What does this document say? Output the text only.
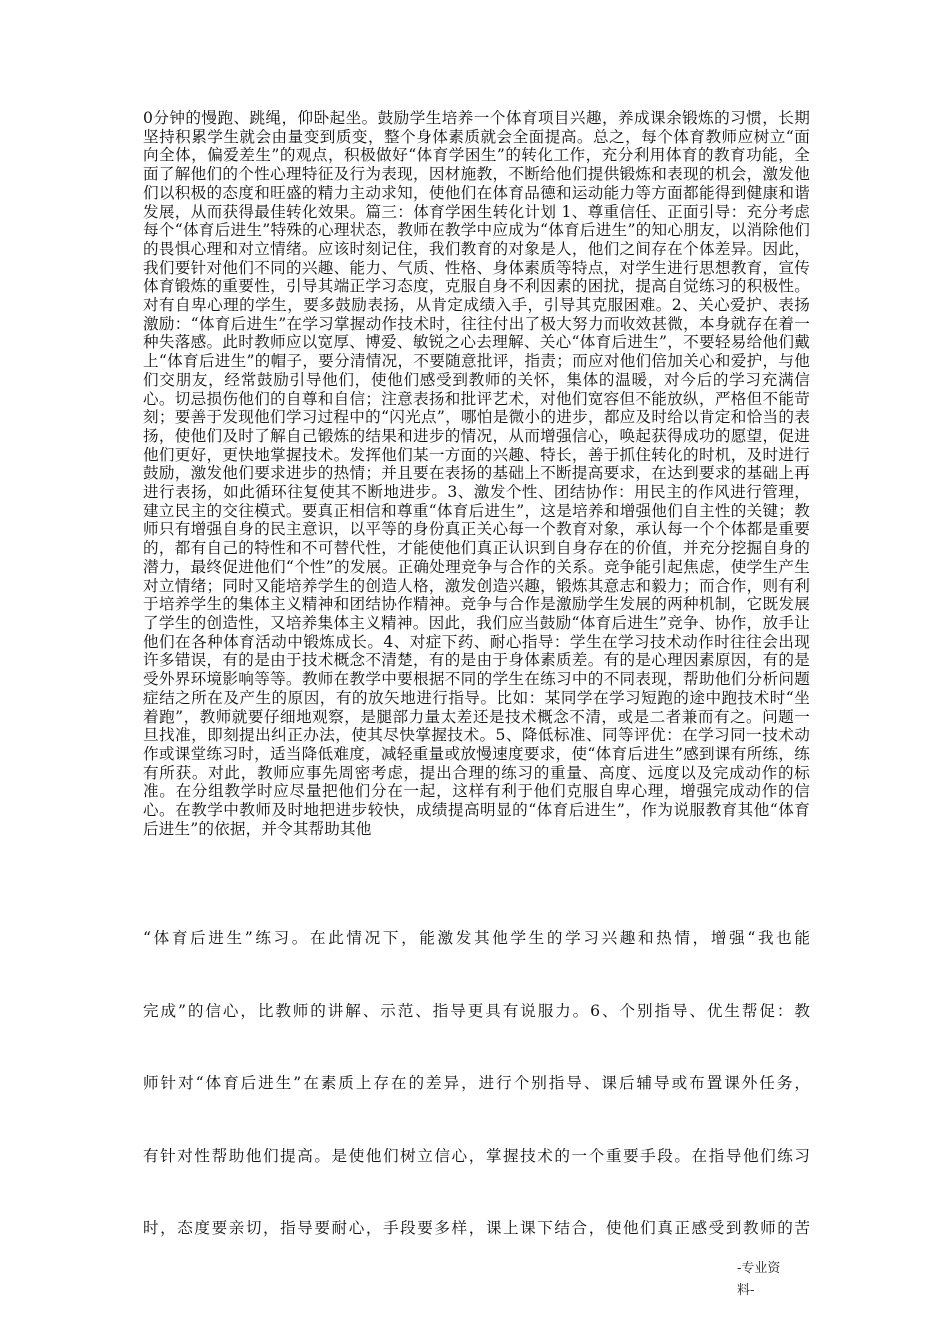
0分钟的慢跑、跳绳，仰卧起坐。鼓励学生培养一个体育项目兴趣，养成课余锻炼的习惯，长期坚持积累学生就会由量变到质变，整个身体素质就会全面提高。总之，每个体育教师应树立“面向全体，偏爱差生”的观点，积极做好“体育学困生”的转化工作，充分利用体育的教育功能，全面了解他们的个性心理特征及行为表现，因材施教，不断给他们提供锻炼和表现的机会，激发他们以积极的态度和旺盛的精力主动求知，使他们在体育品德和运动能力等方面都能得到健康和谐发展，从而获得最佳转化效果。篇三：体育学困生转化计划 1、尊重信任、正面引导：充分考虑每个“体育后进生”特殊的心理状态，教师在教学中应成为“体育后进生”的知心朋友，以消除他们的畏惧心理和对立情绪。应该时刻记住，我们教育的对象是人，他们之间存在个体差异。因此，我们要针对他们不同的兴趣、能力、气质、性格、身体素质等特点，对学生进行思想教育，宣传体育锻炼的重要性，引导其端正学习态度，克服自身不利因素的困扰，提高自觉练习的积极性。对有自卑心理的学生，要多鼓励表扬，从肯定成绩入手，引导其克服困难。2、关心爱护、表扬激励：“体育后进生”在学习掌握动作技术时，往往付出了极大努力而收效甚微，本身就存在着一种失落感。此时教师应以宽厚、博爱、敏锐之心去理解、关心“体育后进生”，不要轻易给他们戴上“体育后进生”的帽子，要分清情况，不要随意批评，指责；而应对他们倍加关心和爱护，与他们交朋友，经常鼓励引导他们，使他们感受到教师的关怀，集体的温暖，对今后的学习充满信心。切忌损伤他们的自尊和自信；注意表扬和批评艺术，对他们宽容但不能放纵，严格但不能苛刻；要善于发现他们学习过程中的“闪光点”，哪怕是微小的进步，都应及时给以肯定和恰当的表扬，使他们及时了解自己锻炼的结果和进步的情况，从而增强信心，唤起获得成功的愿望，促进他们更好，更快地掌握技术。发挥他们某一方面的兴趣、特长，善于抓住转化的时机，及时进行鼓励，激发他们要求进步的热情；并且要在表扬的基础上不断提高要求，在达到要求的基础上再进行表扬，如此循环往复使其不断地进步。3、激发个性、团结协作：用民主的作风进行管理，建立民主的交往模式。要真正相信和尊重“体育后进生”，这是培养和增强他们自主性的关键；教师只有增强自身的民主意识，以平等的身份真正关心每一个教育对象，承认每一个个体都是重要的，都有自己的特性和不可替代性，才能使他们真正认识到自身存在的价值，并充分挖掘自身的潜力，最终促进他们“个性”的发展。正确处理竞争与合作的关系。竞争能引起焦虑，使学生产生对立情绪；同时又能培养学生的创造人格，激发创造兴趣，锻炼其意志和毅力；而合作，则有利于培养学生的集体主义精神和团结协作精神。竞争与合作是激励学生发展的两种机制，它既发展了学生的创造性，又培养集体主义精神。因此，我们应当鼓励“体育后进生”竞争、协作，放手让他们在各种体育活动中锻炼成长。4、对症下药、耐心指导：学生在学习技术动作时往往会出现许多错误，有的是由于技术概念不清楚，有的是由于身体素质差。有的是心理因素原因，有的是受外界环境影响等等。教师在教学中要根据不同的学生在练习中的不同表现，帮助他们分析问题症结之所在及产生的原因，有的放矢地进行指导。比如：某同学在学习短跑的途中跑技术时“坐着跑”，教师就要仔细地观察，是腿部力量太差还是技术概念不清，或是二者兼而有之。问题一旦找准，即刻提出纠正办法，使其尽快掌握技术。5、降低标准、同等评优：在学习同一技术动作或课堂练习时，适当降低难度，减轻重量或放慢速度要求，使“体育后进生”感到课有所练，练有所获。对此，教师应事先周密考虑，提出合理的练习的重量、高度、远度以及完成动作的标准。在分组教学时应尽量把他们分在一起，这样有利于他们克服自卑心理，增强完成动作的信心。在教学中教师及时地把进步较快，成绩提高明显的“体育后进生”，作为说服教育其他“体育后进生”的依据，并令其帮助其他
“体育后进生”练习。在此情况下，能激发其他学生的学习兴趣和热情，增强“我也能
完成”的信心，比教师的讲解、示范、指导更具有说服力。6、个别指导、优生帮促：教
师针对“体育后进生”在素质上存在的差异，进行个别指导、课后辅导或布置课外任务，
有针对性帮助他们提高。是使他们树立信心，掌握技术的一个重要手段。在指导他们练习
时，态度要亲切，指导要耐心，手段要多样，课上课下结合，使他们真正感受到教师的苦
-专业资
料-
